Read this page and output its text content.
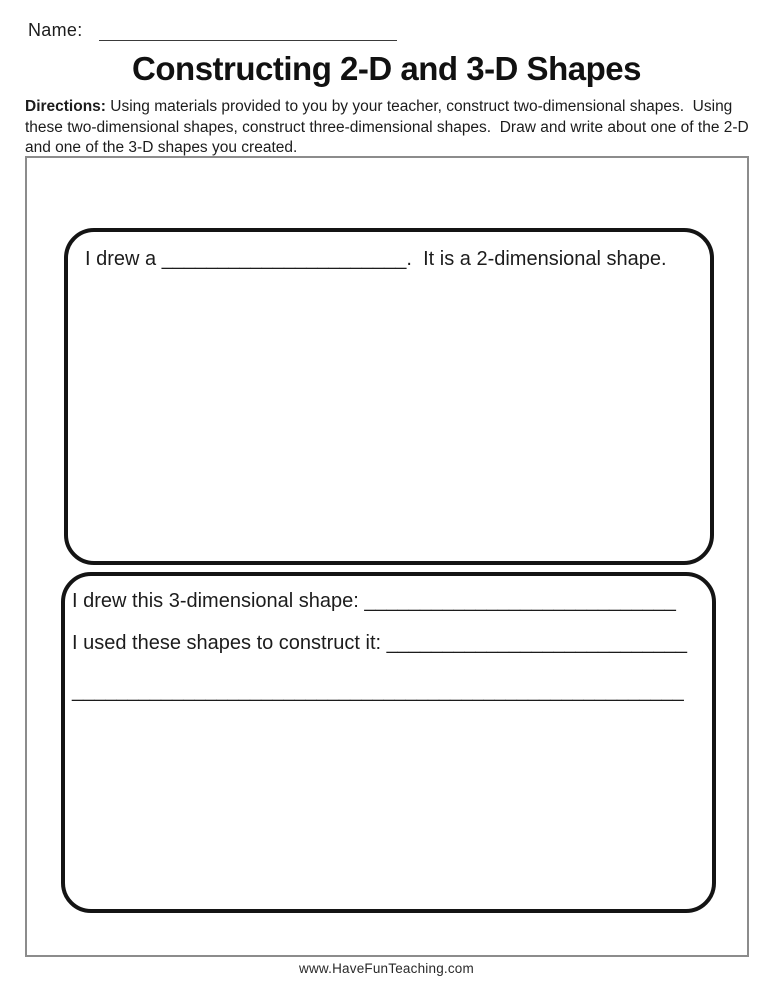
Name:
Constructing 2-D and 3-D Shapes

Directions: Using materials provided to you by your teacher, construct two-dimensional shapes.  Using these two-dimensional shapes, construct three-dimensional shapes.  Draw and write about one of the 2-D and one of the 3-D shapes you created.

I drew a ______________________.  It is a 2-dimensional shape.

I drew this 3-dimensional shape: ____________________________

I used these shapes to construct it: ___________________________

_______________________________________________________

www.HaveFunTeaching.com
